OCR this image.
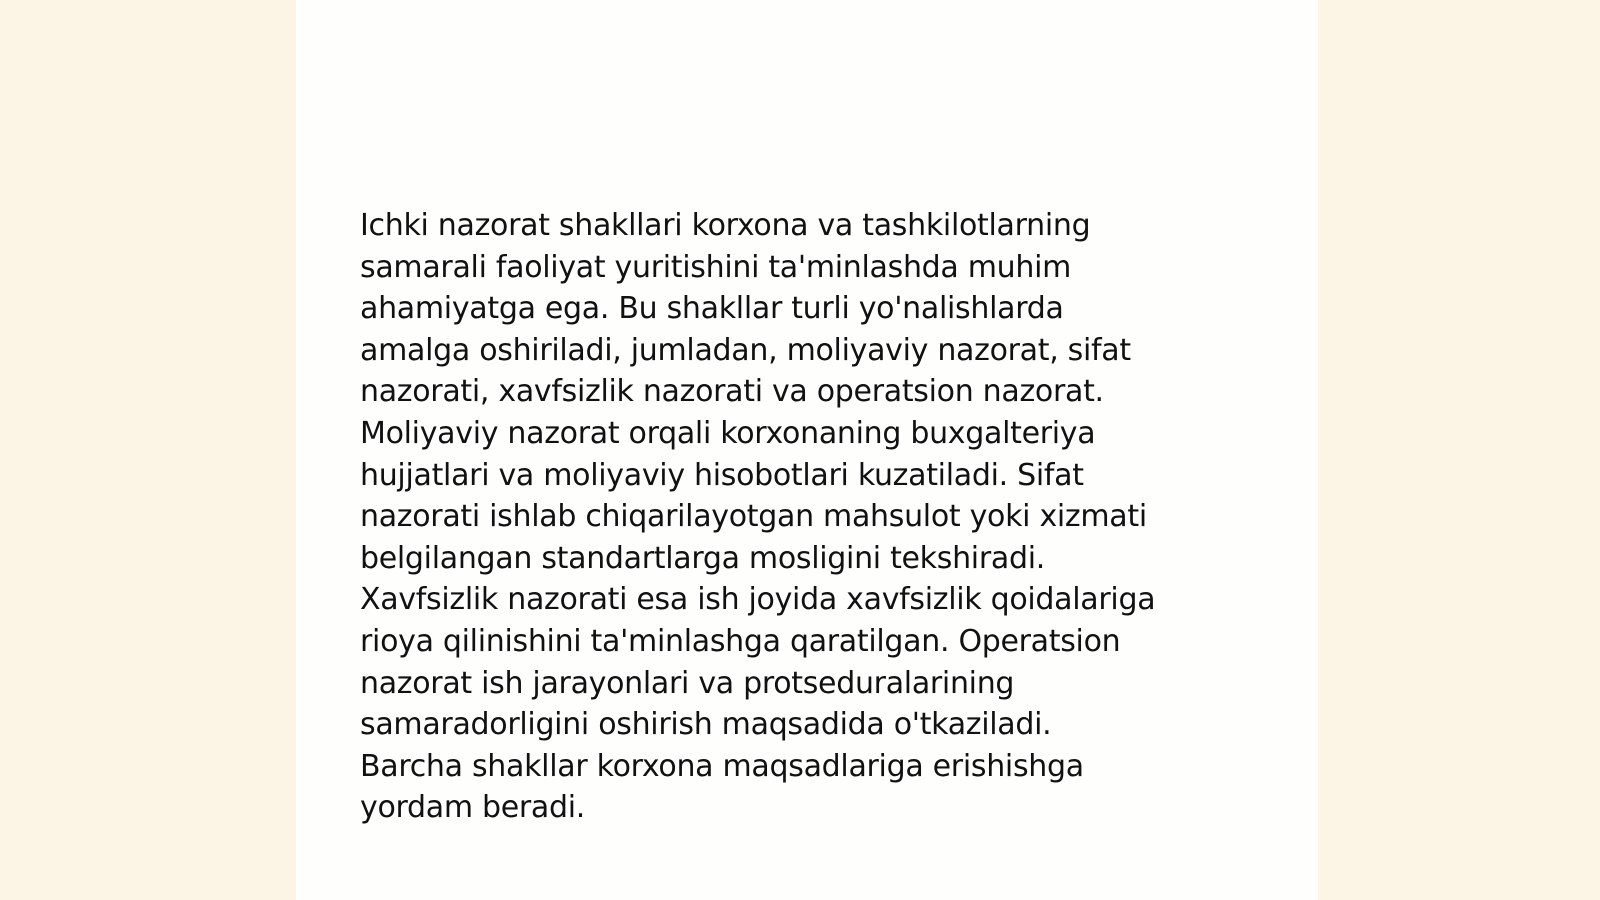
Ichki nazorat shakllari korxona va tashkilotlarning
samarali faoliyat yuritishini ta'minlashda muhim
ahamiyatga ega. Bu shakllar turli yo'nalishlarda
amalga oshiriladi, jumladan, moliyaviy nazorat, sifat
nazorati, xavfsizlik nazorati va operatsion nazorat.
Moliyaviy nazorat orqali korxonaning buxgalteriya
hujjatlari va moliyaviy hisobotlari kuzatiladi. Sifat
nazorati ishlab chiqarilayotgan mahsulot yoki xizmati
belgilangan standartlarga mosligini tekshiradi.
Xavfsizlik nazorati esa ish joyida xavfsizlik qoidalariga
rioya qilinishini ta'minlashga qaratilgan. Operatsion
nazorat ish jarayonlari va protseduralarining
samaradorligini oshirish maqsadida o'tkaziladi.
Barcha shakllar korxona maqsadlariga erishishga
yordam beradi.
